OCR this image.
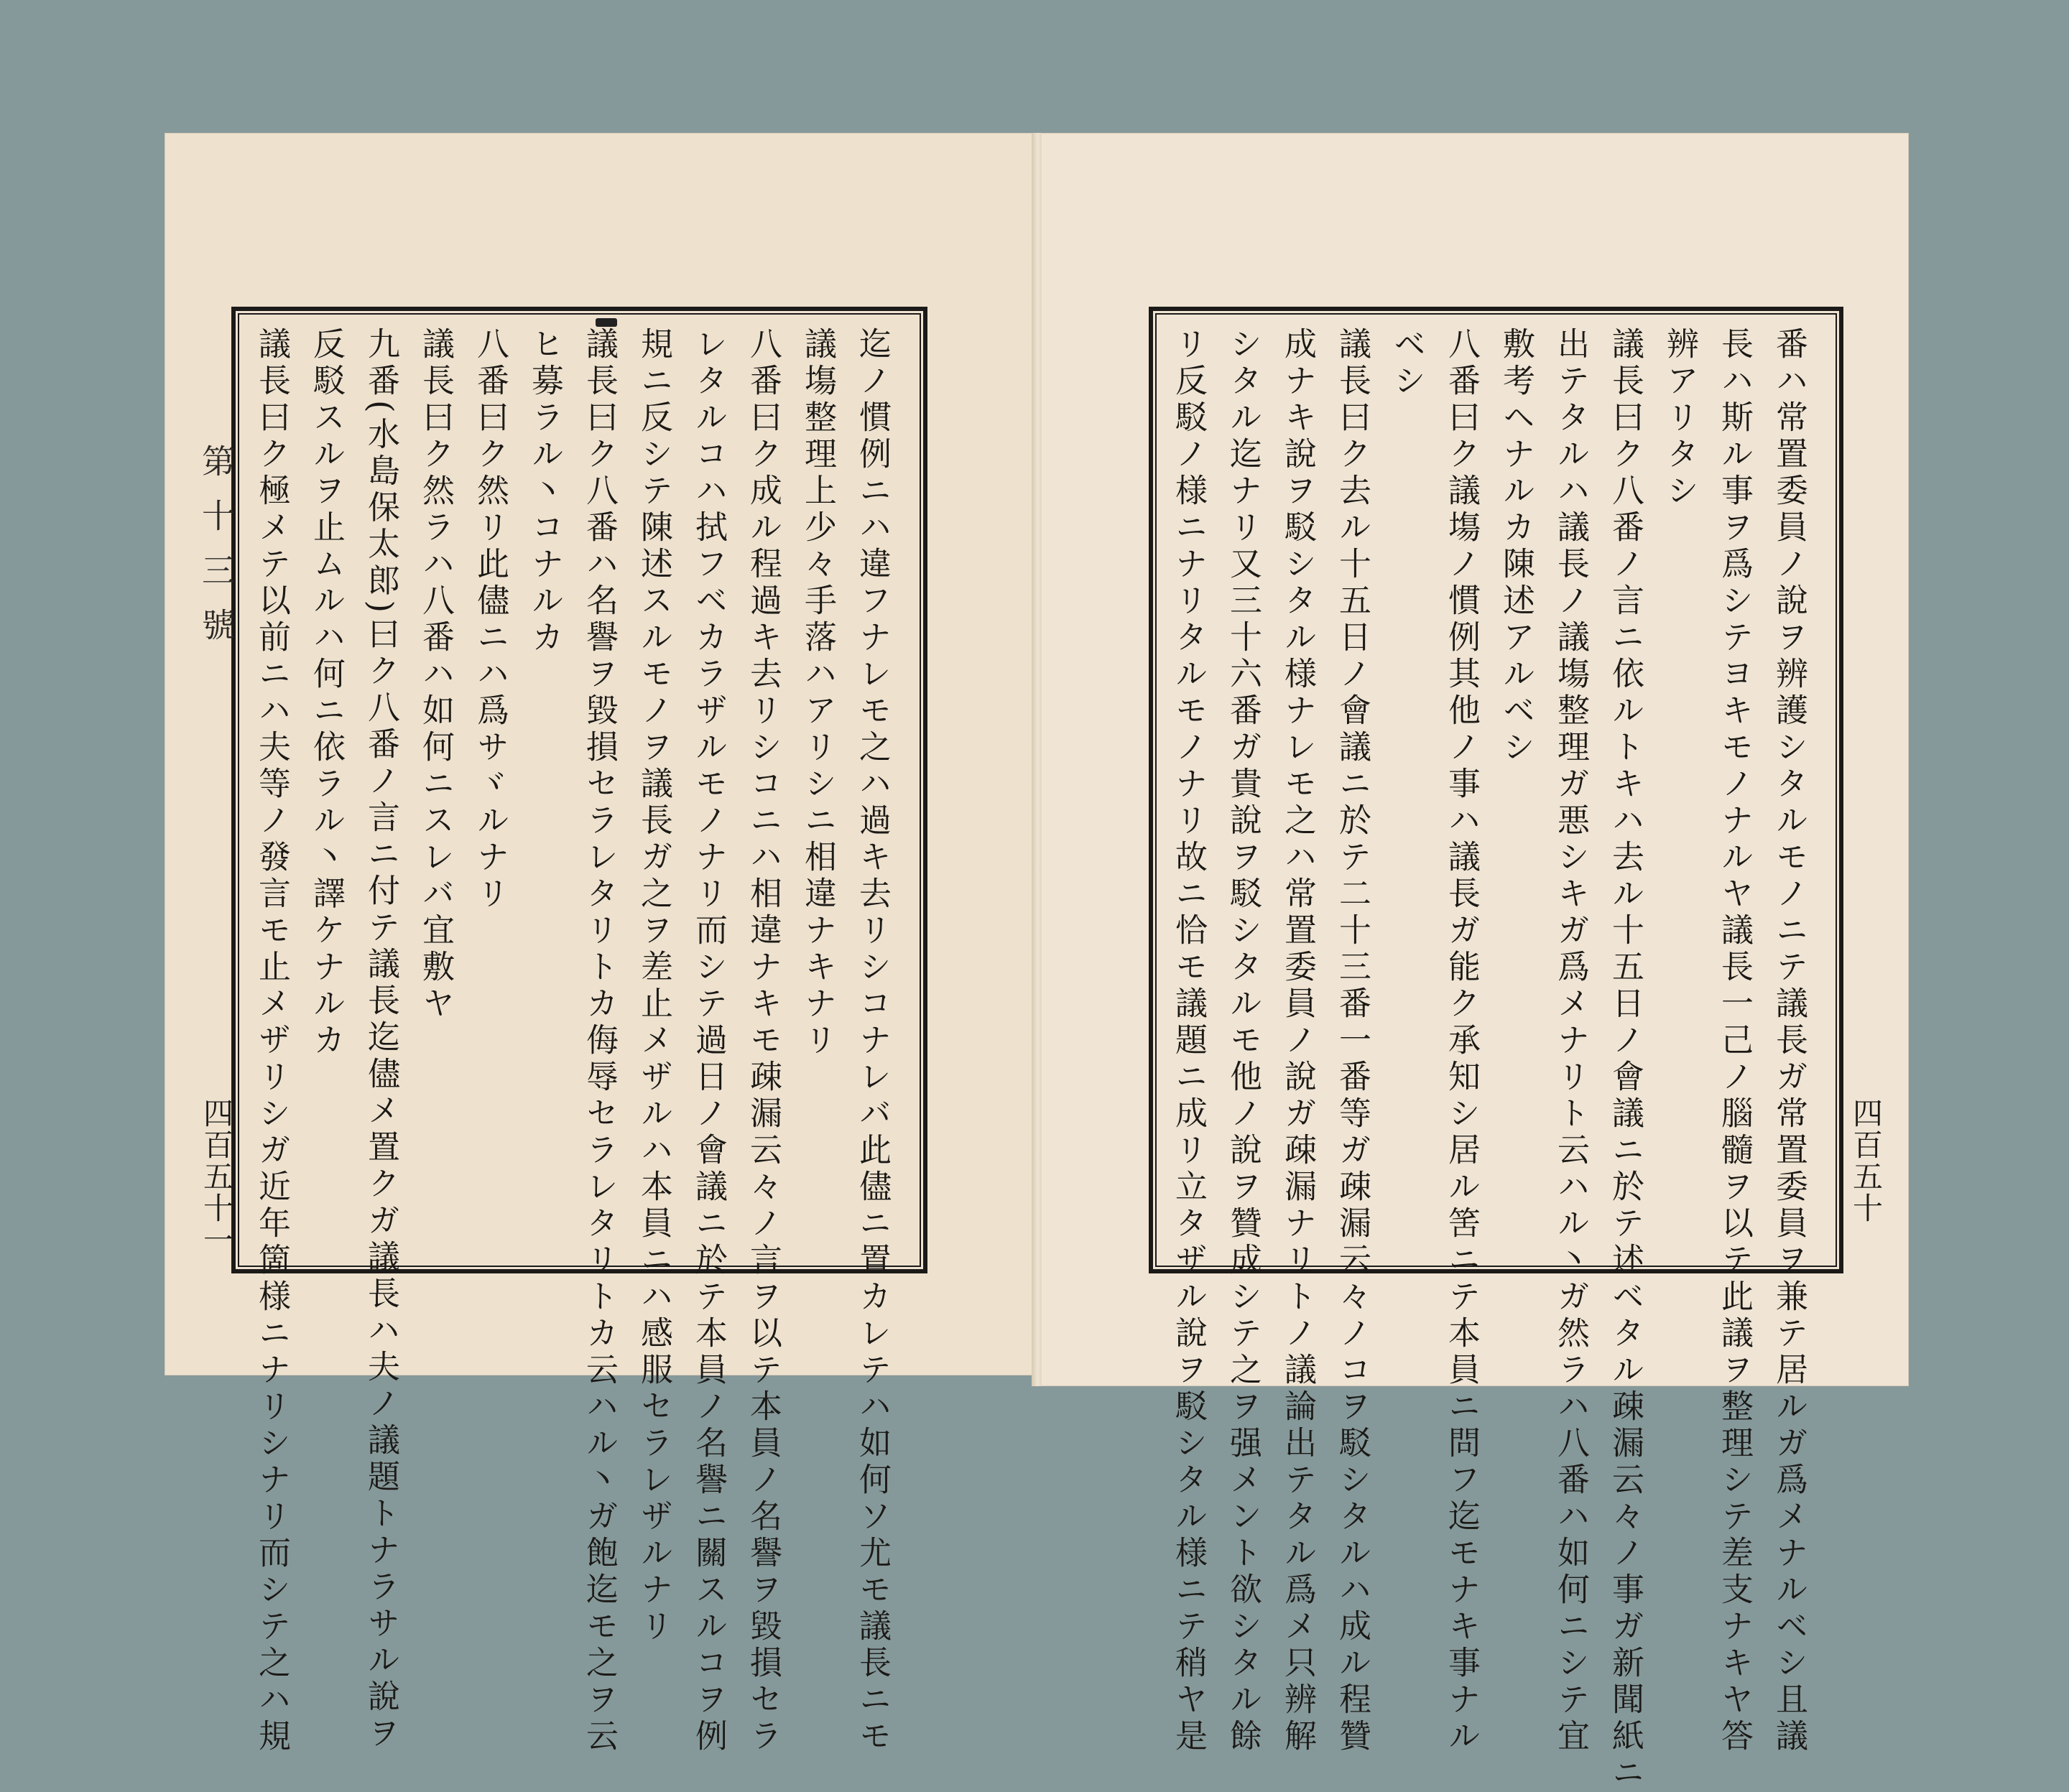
第十三號
四百五十一	四百五十
迄ノ慣例ニハ違フナレモ之ハ過キ去リシコナレバ此儘ニ置カレテハ如何ソ尤モ議長ニモ
議塲整理上少々手落ハアリシニ相違ナキナリ
八番曰ク成ル程過キ去リシコニハ相違ナキモ疎漏云々ノ言ヲ以テ本員ノ名譽ヲ毀損セラ
レタルコハ拭フベカラザルモノナリ而シテ過日ノ會議ニ於テ本員ノ名譽ニ關スルコヲ例
規ニ反シテ陳述スルモノヲ議長ガ之ヲ差止メザルハ本員ニハ感服セラレザルナリ
議長曰ク八番ハ名譽ヲ毀損セラレタリトカ侮辱セラレタリトカ云ハル丶ガ飽迄モ之ヲ云
ヒ募ラル丶コナルカ
八番曰ク然リ此儘ニハ爲サヾルナリ
議長曰ク然ラハ八番ハ如何ニスレバ宜敷ヤ
九番(水島保太郎)曰ク八番ノ言ニ付テ議長迄儘メ置クガ議長ハ夫ノ議題トナラサル說ヲ
反駁スルヲ止ムルハ何ニ依ラル丶譯ケナルカ
議長曰ク極メテ以前ニハ夫等ノ發言モ止メザリシガ近年箇様ニナリシナリ而シテ之ハ規	番ハ常置委員ノ說ヲ辨護シタルモノニテ議長ガ常置委員ヲ兼テ居ルガ爲メナルベシ且議
長ハ斯ル事ヲ爲シテヨキモノナルヤ議長一己ノ腦髓ヲ以テ此議ヲ整理シテ差支ナキヤ答
辨アリタシ
議長曰ク八番ノ言ニ依ルトキハ去ル十五日ノ會議ニ於テ述ベタル疎漏云々ノ事ガ新聞紙ニ
出テタルハ議長ノ議塲整理ガ悪シキガ爲メナリト云ハル丶ガ然ラハ八番ハ如何ニシテ宜
敷考ヘナルカ陳述アルベシ
八番曰ク議塲ノ慣例其他ノ事ハ議長ガ能ク承知シ居ル筈ニテ本員ニ問フ迄モナキ事ナル
ベシ
議長曰ク去ル十五日ノ會議ニ於テ二十三番一番等ガ疎漏云々ノコヲ駁シタルハ成ル程贊
成ナキ說ヲ駁シタル様ナレモ之ハ常置委員ノ說ガ疎漏ナリトノ議論出テタル爲メ只辨解
シタル迄ナリ又三十六番ガ貴說ヲ駁シタルモ他ノ說ヲ贊成シテ之ヲ强メント欲シタル餘
リ反駁ノ様ニナリタルモノナリ故ニ恰モ議題ニ成リ立タザル說ヲ駁シタル様ニテ稍ヤ是
